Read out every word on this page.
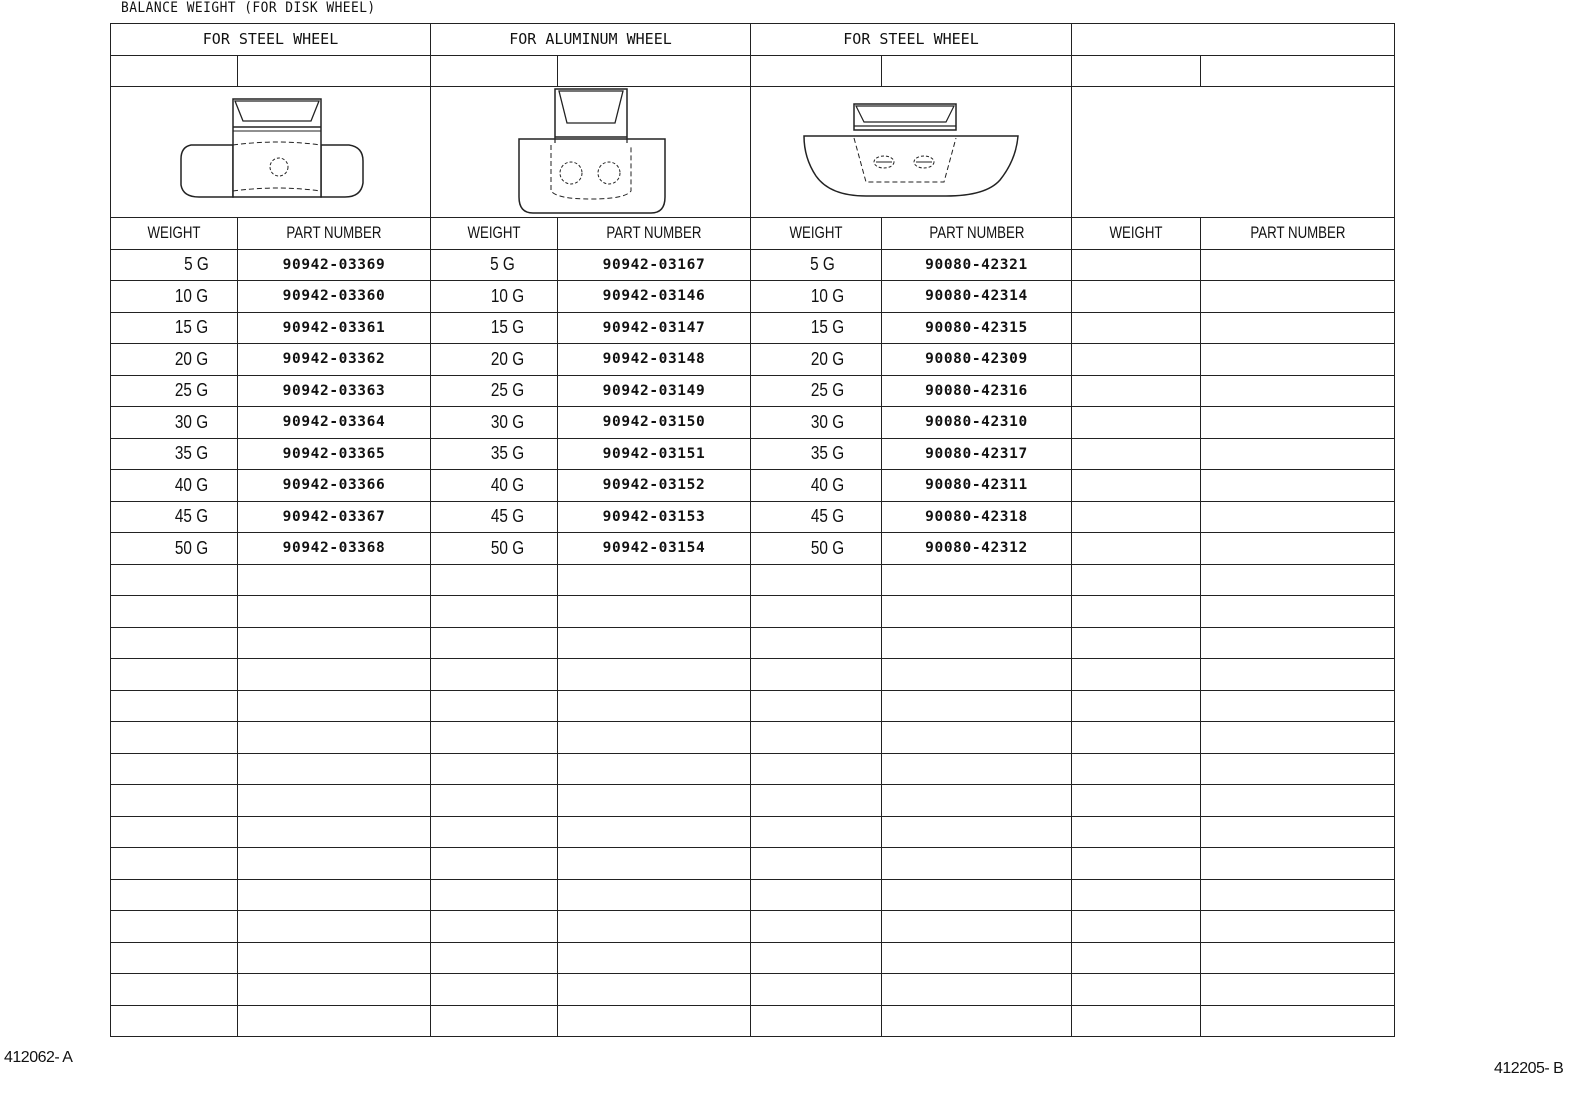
BALANCE WEIGHT (FOR DISK WHEEL)
FOR STEEL WHEEL		FOR ALUMINUM WHEEL		FOR STEEL WHEEL			

WEIGHT	PART NUMBER	WEIGHT	PART NUMBER	WEIGHT	PART NUMBER	WEIGHT	PART NUMBER
5 G	90942-03369	5 G	90942-03167	5 G	90080-42321		
10 G	90942-03360	10 G	90942-03146	10 G	90080-42314		
15 G	90942-03361	15 G	90942-03147	15 G	90080-42315		
20 G	90942-03362	20 G	90942-03148	20 G	90080-42309		
25 G	90942-03363	25 G	90942-03149	25 G	90080-42316		
30 G	90942-03364	30 G	90942-03150	30 G	90080-42310		
35 G	90942-03365	35 G	90942-03151	35 G	90080-42317		
40 G	90942-03366	40 G	90942-03152	40 G	90080-42311		
45 G	90942-03367	45 G	90942-03153	45 G	90080-42318		
50 G	90942-03368	50 G	90942-03154	50 G	90080-42312		

412062- A
412205- B
